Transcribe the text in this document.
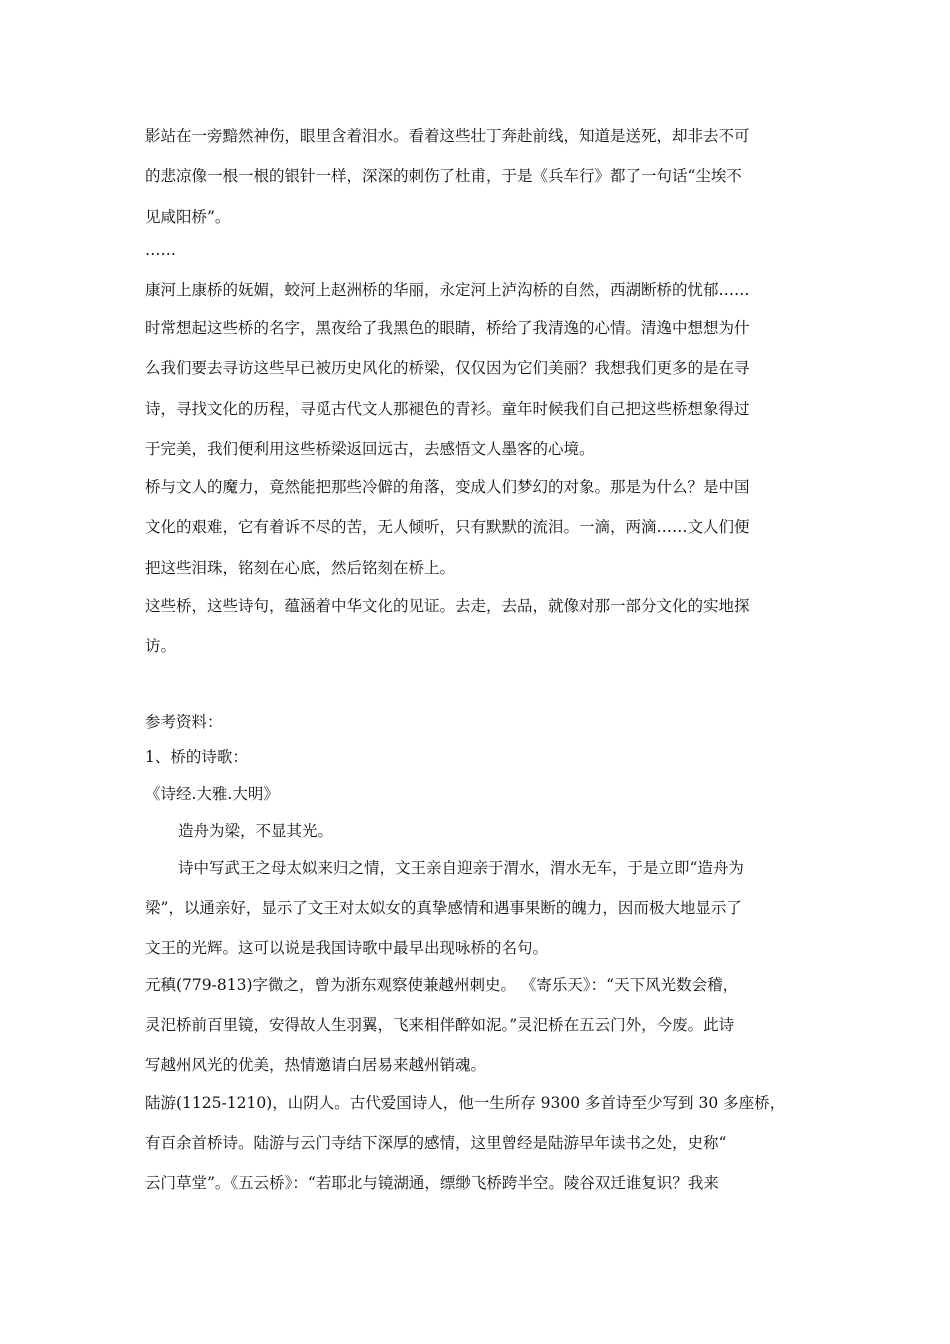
影站在一旁黯然神伤，眼里含着泪水。看着这些壮丁奔赴前线，知道是送死，却非去不可
的悲凉像一根一根的银针一样，深深的刺伤了杜甫，于是《兵车行》都了一句话“尘埃不
见咸阳桥”。
……
康河上康桥的妩媚，蛟河上赵洲桥的华丽，永定河上泸沟桥的自然，西湖断桥的忧郁……
时常想起这些桥的名字，黑夜给了我黑色的眼睛，桥给了我清逸的心情。清逸中想想为什
么我们要去寻访这些早已被历史风化的桥梁，仅仅因为它们美丽？我想我们更多的是在寻
诗，寻找文化的历程，寻觅古代文人那褪色的青衫。童年时候我们自己把这些桥想象得过
于完美，我们便利用这些桥梁返回远古，去感悟文人墨客的心境。
桥与文人的魔力，竟然能把那些冷僻的角落，变成人们梦幻的对象。那是为什么？是中国
文化的艰难，它有着诉不尽的苦，无人倾听，只有默默的流泪。一滴，两滴……文人们便
把这些泪珠，铭刻在心底，然后铭刻在桥上。
这些桥，这些诗句，蕴涵着中华文化的见证。去走，去品，就像对那一部分文化的实地探
访。
参考资料：
1、桥的诗歌：
《诗经.大雅.大明》
造舟为梁，不显其光。
诗中写武王之母太姒来归之情，文王亲自迎亲于渭水，渭水无车，于是立即“造舟为
梁”，以通亲好，显示了文王对太姒女的真挚感情和遇事果断的魄力，因而极大地显示了
文王的光辉。这可以说是我国诗歌中最早出现咏桥的名句。
元稹(779-813)字微之，曾为浙东观察使兼越州刺史。 《寄乐天》：“天下风光数会稽，
灵汜桥前百里镜，安得故人生羽翼，飞来相伴醉如泥。”灵汜桥在五云门外，今废。此诗
写越州风光的优美，热情邀请白居易来越州销魂。
陆游(1125-1210)，山阴人。古代爱国诗人，他一生所存 9300 多首诗至少写到 30 多座桥，
有百余首桥诗。陆游与云门寺结下深厚的感情，这里曾经是陆游早年读书之处，史称“
云门草堂”。《五云桥》：“若耶北与镜湖通，缥缈飞桥跨半空。陵谷双迁谁复识？我来
